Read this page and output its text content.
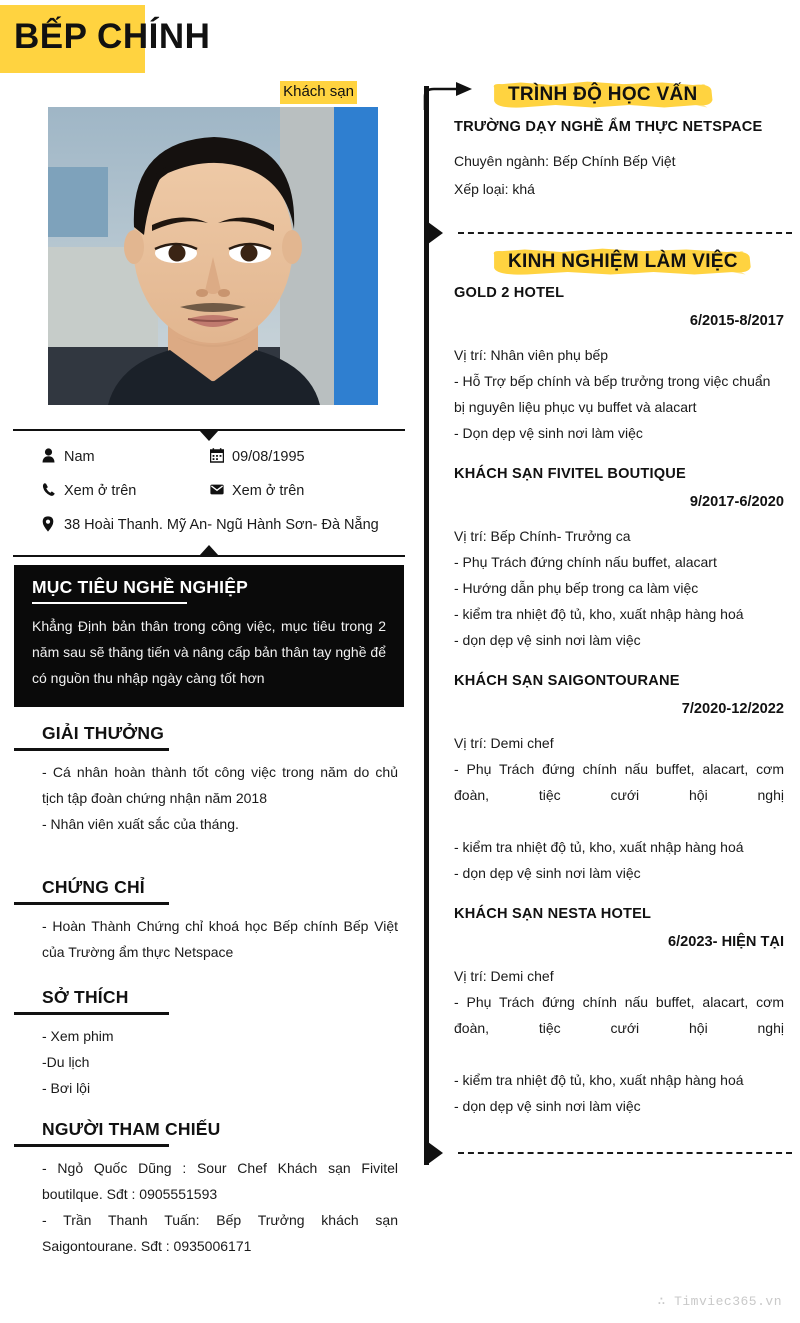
BẾP CHÍNH
Khách sạn
Nam	09/08/1995
Xem ở trên	Xem ở trên
38 Hoài Thanh. Mỹ An- Ngũ Hành Sơn- Đà Nẵng
MỤC TIÊU NGHỀ NGHIỆP

Khẳng Định bản thân trong công việc, mục tiêu trong 2 năm sau sẽ thăng tiến và nâng cấp bản thân tay nghề để có nguồn thu nhập ngày càng tốt hơn

GIẢI THƯỞNG

- Cá nhân hoàn thành tốt công việc trong năm do chủ tịch tập đoàn chứng nhận năm 2018

- Nhân viên xuất sắc của tháng.

CHỨNG CHỈ

- Hoàn Thành Chứng chỉ khoá học Bếp chính Bếp Việt của Trường ẩm thực Netspace

SỞ THÍCH

- Xem phim

-Du lịch

- Bơi lội

NGƯỜI THAM CHIẾU

- Ngỏ Quốc Dũng : Sour Chef Khách sạn Fivitel boutilque. Sđt : 0905551593

- Trần Thanh Tuấn: Bếp Trưởng khách sạn Saigontourane. Sđt : 0935006171

TRÌNH ĐỘ HỌC VẤN
TRƯỜNG DẠY NGHỀ ẨM THỰC NETSPACE
Chuyên ngành: Bếp Chính Bếp Việt
Xếp loại: khá
KINH NGHIỆM LÀM VIỆC
GOLD 2 HOTEL
6/2015-8/2017
Vị trí: Nhân viên phụ bếp
- Hỗ Trợ bếp chính và bếp trưởng trong việc chuẩn bị nguyên liệu phục vụ buffet và alacart
- Dọn dẹp vệ sinh nơi làm việc
KHÁCH SẠN FIVITEL BOUTIQUE
9/2017-6/2020
Vị trí: Bếp Chính- Trưởng ca
- Phụ Trách đứng chính nấu buffet, alacart
- Hướng dẫn phụ bếp trong ca làm việc
- kiểm tra nhiệt độ tủ, kho, xuất nhập hàng hoá
- dọn dẹp vệ sinh nơi làm việc
KHÁCH SẠN SAIGONTOURANE
7/2020-12/2022
Vị trí: Demi chef
- Phụ Trách đứng chính nấu buffet, alacart, cơm đoàn, tiệc cưới hội nghị
- kiểm tra nhiệt độ tủ, kho, xuất nhập hàng hoá
- dọn dẹp vệ sinh nơi làm việc
KHÁCH SẠN NESTA HOTEL
6/2023- HIỆN TẠI
Vị trí: Demi chef
- Phụ Trách đứng chính nấu buffet, alacart, cơm đoàn, tiệc cưới hội nghị
- kiểm tra nhiệt độ tủ, kho, xuất nhập hàng hoá
- dọn dẹp vệ sinh nơi làm việc
∴ Timviec365.vn
